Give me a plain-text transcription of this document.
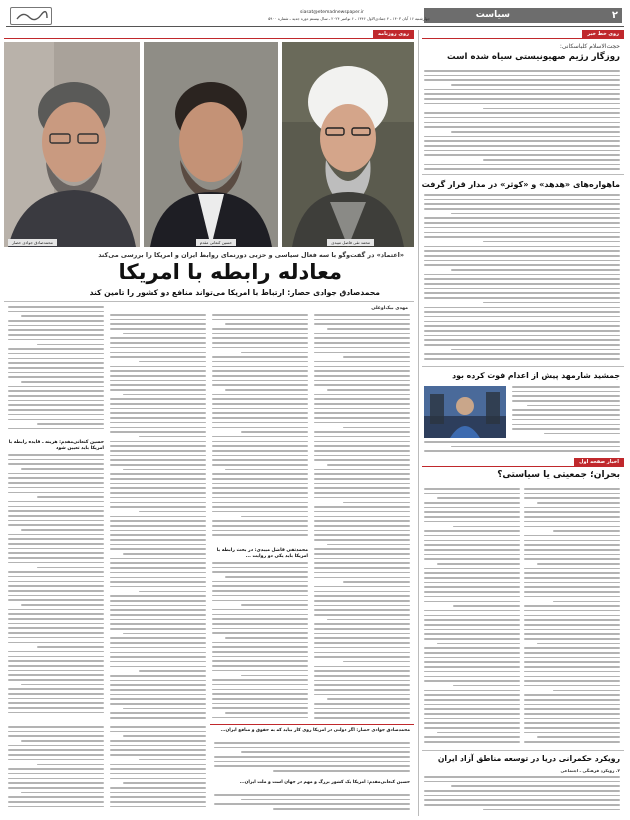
۲
سیاست
siasat@etemadnewspaper.ir
چهارشنبه ۱۶ آبان ۱۴۰۳ ـ ۴ جمادی‌الاول ۱۴۴۶ ـ ۶ نوامبر ۲۰۲۴ ـ سال بیستم دوره جدید ـ شماره ۵۹۰۰
روی خط خبر
حجت‌الاسلام کلباسکانی:
روزگار رژیم صهیونیستی سیاه شده است
ماهواره‌های «هدهد» و «کوثر» در مدار قرار گرفت
جمشید شارمهد پیش از اعدام فوت کرده بود
اخبار صفحه اول
بحران؛ جمعیتی یا سیاستی؟
رویکرد حکمرانی دریا در توسعه مناطق آزاد ایران
۲. رویکرد فرهنگی ـ اجتماعی
روی روزنامه
محمد تقی فاضل میبدی
حسین کنعانی مقدم
محمدصادق جوادی حصار
«اعتماد» در گفت‌وگو با سه فعال سیاسی و حزبی دورنمای روابط ایران و امریکا را بررسی می‌کند
معادله رابطه با امریکا
محمدصادق جوادی حصار: ارتباط با امریکا می‌تواند منافع دو کشور را تامین کند
مهدی بیک‌اوغلی
محمدتقی فاضل میبدی: در بحث رابطه با امریکا باید یکی دو روایت ...
حسین کنعانی‌مقدم: هزینه ـ فایده رابطه با امریکا باید تعیین شود
محمدصادق جوادی حصار: اگر دولتی در امریکا روی کار بیاید که به حقوق و منافع ایران...
حسین کنعانی‌مقدم: امریکا یک کشور بزرگ و مهم در جهان است و ملت ایران...
